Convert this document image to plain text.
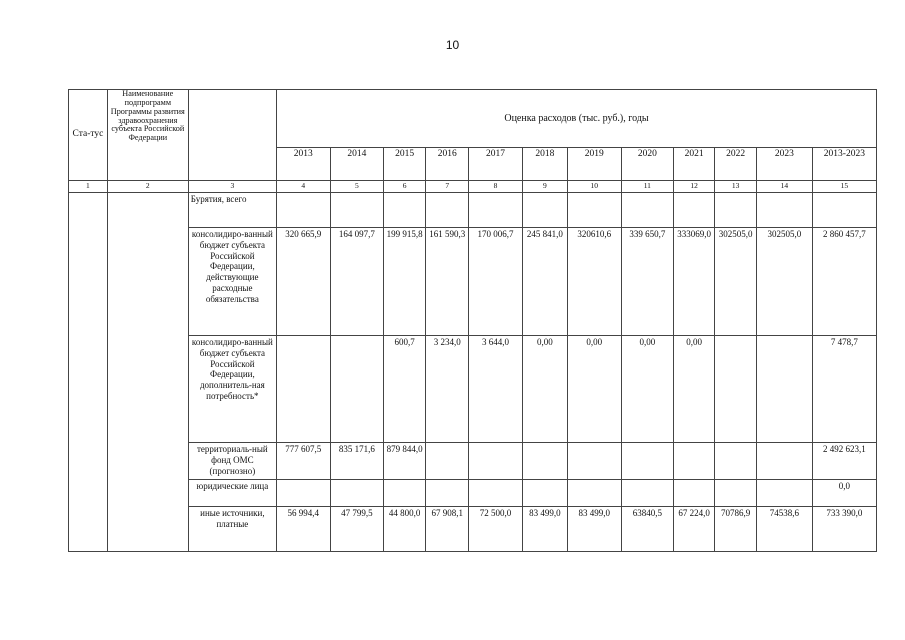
10
Ста-тус	Наименование подпрограмм Программы развития здравоохранения субъекта Российской Федерации		Оценка расходов (тыс. руб.), годы											
			2013	2014	2015	2016	2017	2018	2019	2020	2021	2022	2023	2013-2023
1	2	3	4	5	6	7	8	9	10	11	12	13	14	15
		Бурятия, всего												
		консолидиро-ванный бюджет субъекта Российской Федерации, действующие расходные обязательства	320 665,9	164 097,7	199 915,8	161 590,3	170 006,7	245 841,0	320610,6	339 650,7	333069,0	302505,0	302505,0	2 860 457,7
		консолидиро-ванный бюджет субъекта Российской Федерации, дополнитель-ная потребность*			600,7	3 234,0	3 644,0	0,00	0,00	0,00	0,00			7 478,7
		территориаль-ный фонд ОМС (прогнозно)	777 607,5	835 171,6	879 844,0									2 492 623,1
		юридические лица												0,0
		иные источники, платные	56 994,4	47 799,5	44 800,0	67 908,1	72 500,0	83 499,0	83 499,0	63840,5	67 224,0	70786,9	74538,6	733 390,0
